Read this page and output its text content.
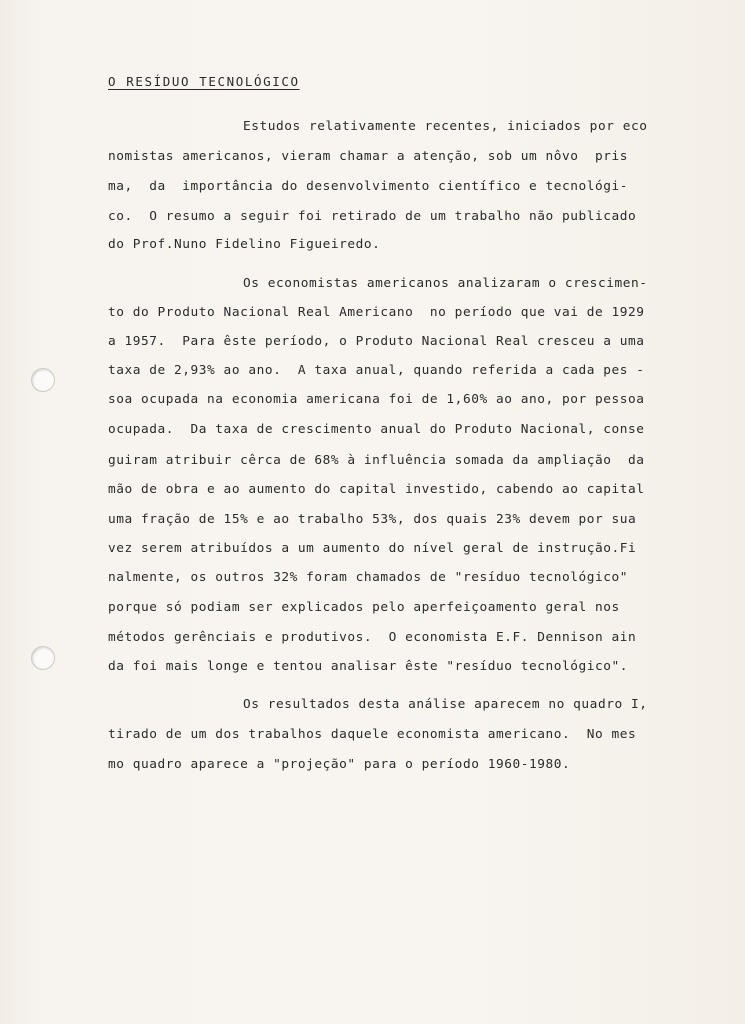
O RESÍDUO TECNOLÓGICO
Estudos relativamente recentes, iniciados por eco
nomistas americanos, vieram chamar a atenção, sob um nôvo  pris
ma,  da  importância do desenvolvimento científico e tecnológi-
co.  O resumo a seguir foi retirado de um trabalho não publicado
do Prof.Nuno Fidelino Figueiredo.
Os economistas americanos analizaram o crescimen-
to do Produto Nacional Real Americano  no período que vai de 1929
a 1957.  Para êste período, o Produto Nacional Real cresceu a uma
taxa de 2,93% ao ano.  A taxa anual, quando referida a cada pes -
soa ocupada na economia americana foi de 1,60% ao ano, por pessoa
ocupada.  Da taxa de crescimento anual do Produto Nacional, conse
guiram atribuir cêrca de 68% à influência somada da ampliação  da
mão de obra e ao aumento do capital investido, cabendo ao capital
uma fração de 15% e ao trabalho 53%, dos quais 23% devem por sua
vez serem atribuídos a um aumento do nível geral de instrução.Fi
nalmente, os outros 32% foram chamados de "resíduo tecnológico"
porque só podiam ser explicados pelo aperfeiçoamento geral nos
métodos gerênciais e produtivos.  O economista E.F. Dennison ain
da foi mais longe e tentou analisar êste "resíduo tecnológico".
Os resultados desta análise aparecem no quadro I,
tirado de um dos trabalhos daquele economista americano.  No mes
mo quadro aparece a "projeção" para o período 1960-1980.
